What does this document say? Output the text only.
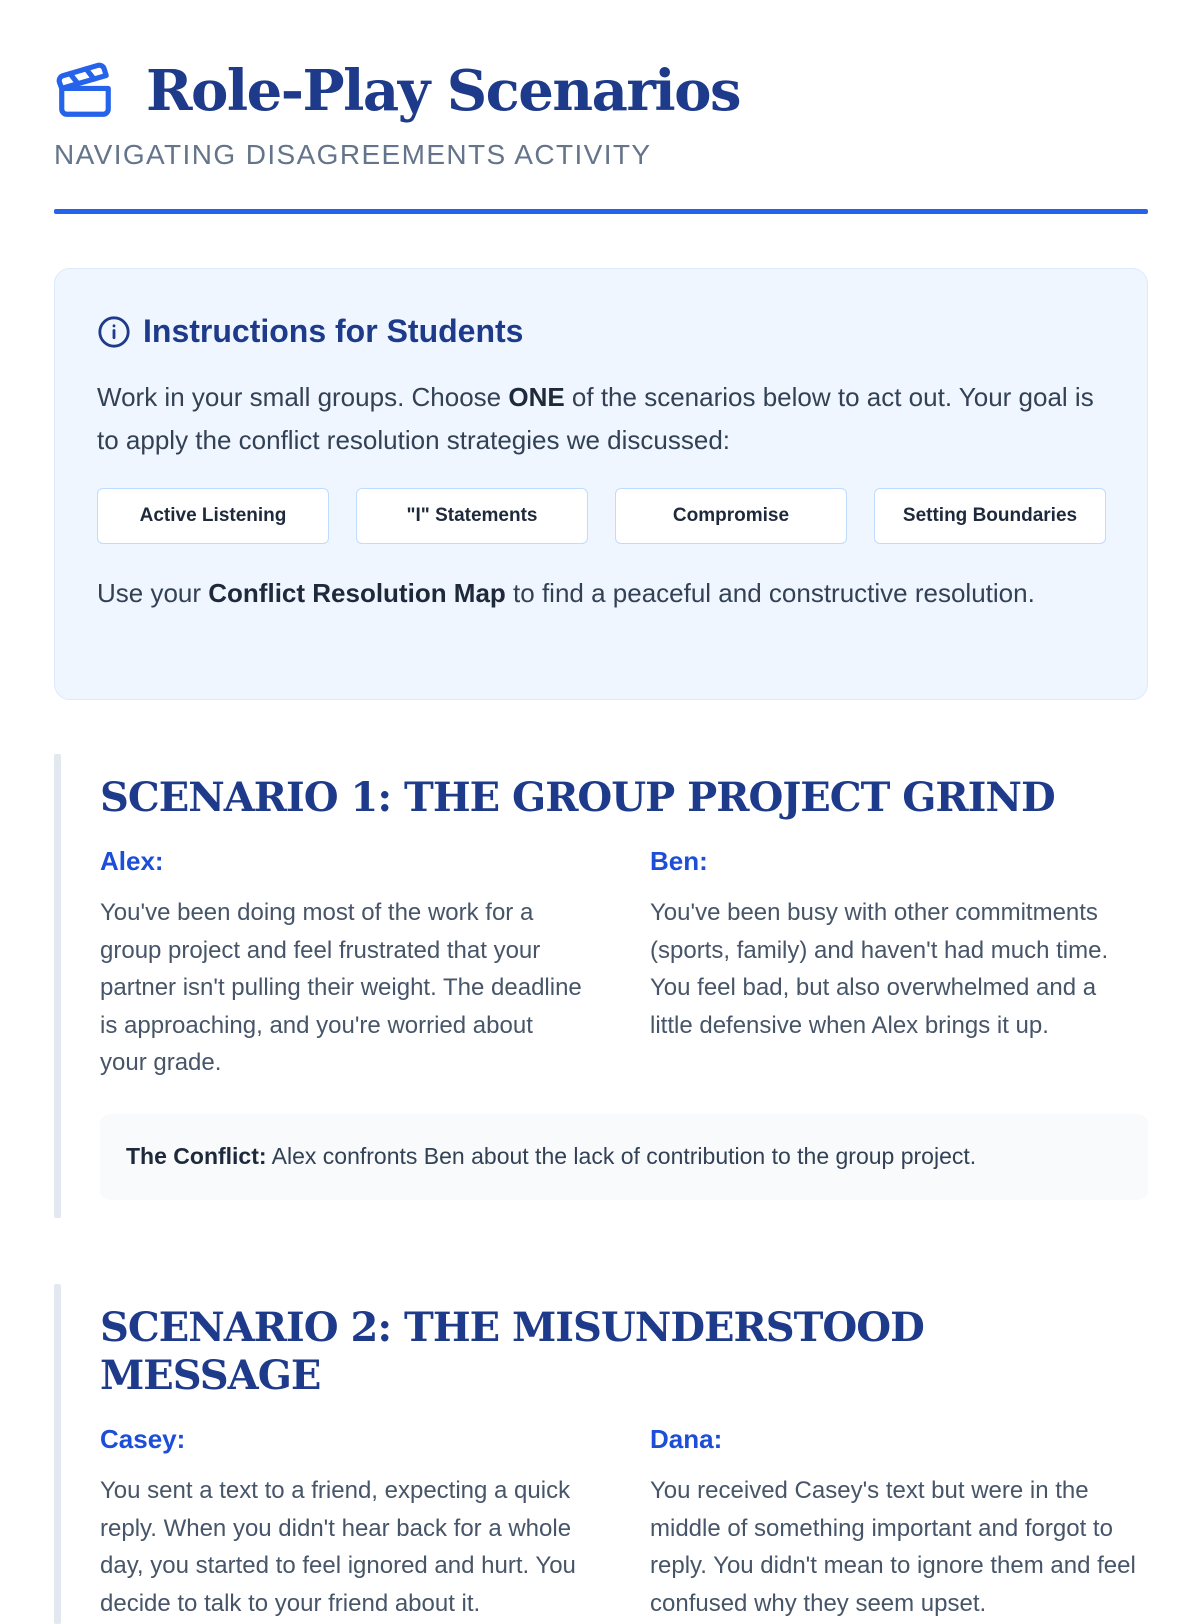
Role-Play Scenarios
NAVIGATING DISAGREEMENTS ACTIVITY
Instructions for Students

Work in your small groups. Choose ONE of the scenarios below to act out. Your goal is to apply the conflict resolution strategies we discussed:

Active Listening	"I" Statements	Compromise	Setting Boundaries

Use your Conflict Resolution Map to find a peaceful and constructive resolution.

SCENARIO 1: THE GROUP PROJECT GRIND
Alex:

You've been doing most of the work for a group project and feel frustrated that your partner isn't pulling their weight. The deadline is approaching, and you're worried about your grade.

Ben:

You've been busy with other commitments (sports, family) and haven't had much time. You feel bad, but also overwhelmed and a little defensive when Alex brings it up.

The Conflict: Alex confronts Ben about the lack of contribution to the group project.

SCENARIO 2: THE MISUNDERSTOOD MESSAGE
Casey:

You sent a text to a friend, expecting a quick reply. When you didn't hear back for a whole day, you started to feel ignored and hurt. You decide to talk to your friend about it.

Dana:

You received Casey's text but were in the middle of something important and forgot to reply. You didn't mean to ignore them and feel confused why they seem upset.
